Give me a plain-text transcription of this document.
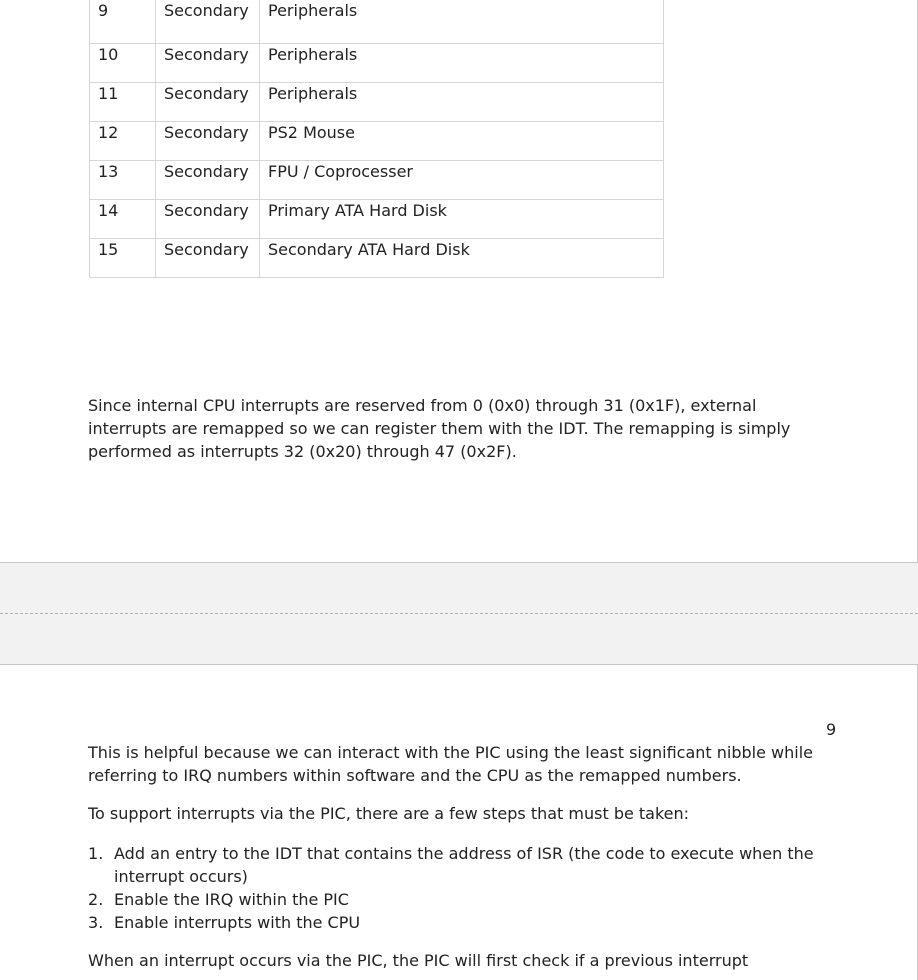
9	Secondary	Peripherals

10	Secondary	Peripherals

11	Secondary	Peripherals

12	Secondary	PS2 Mouse

13	Secondary	FPU / Coprocesser

14	Secondary	Primary ATA Hard Disk

15	Secondary	Secondary ATA Hard Disk

Since internal CPU interrupts are reserved from 0 (0x0) through 31 (0x1F), external interrupts are remapped so we can register them with the IDT. The remapping is simply performed as interrupts 32 (0x20) through 47 (0x2F).

9

This is helpful because we can interact with the PIC using the least significant nibble while referring to IRQ numbers within software and the CPU as the remapped numbers.

To support interrupts via the PIC, there are a few steps that must be taken:

Add an entry to the IDT that contains the address of ISR (the code to execute when the interrupt occurs)
Enable the IRQ within the PIC
Enable interrupts with the CPU

When an interrupt occurs via the PIC, the PIC will first check if a previous interrupt
